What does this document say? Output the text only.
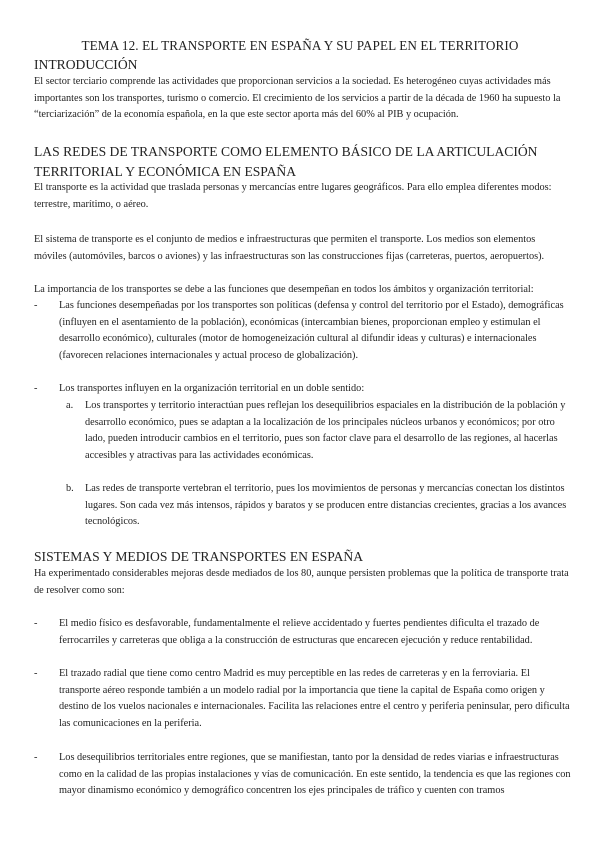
TEMA 12. EL TRANSPORTE EN ESPAÑA Y SU PAPEL EN EL TERRITORIO
INTRODUCCIÓN

El sector terciario comprende las actividades que proporcionan servicios a la sociedad. Es heterogéneo cuyas actividades más importantes son los transportes, turismo o comercio. El crecimiento de los servicios a partir de la década de 1960 ha supuesto la “terciarización” de la economía española, en la que este sector aporta más del 60% al PIB y ocupación.

LAS REDES DE TRANSPORTE COMO ELEMENTO BÁSICO DE LA ARTICULACIÓN
TERRITORIAL Y ECONÓMICA EN ESPAÑA

El transporte es la actividad que traslada personas y mercancías entre lugares geográficos. Para ello emplea diferentes modos: terrestre, marítimo, o aéreo.

El sistema de transporte es el conjunto de medios e infraestructuras que permiten el transporte. Los medios son elementos móviles (automóviles, barcos o aviones) y las infraestructuras son las construcciones fijas (carreteras, puertos, aeropuertos).

La importancia de los transportes se debe a las funciones que desempeñan en todos los ámbitos y organización territorial:

-	Las funciones desempeñadas por los transportes son políticas (defensa y control del territorio por el Estado), demográficas (influyen en el asentamiento de la población), económicas (intercambian bienes, proporcionan empleo y estimulan el desarrollo económico), culturales (motor de homogeneización cultural al difundir ideas y culturas) e internacionales (favorecen relaciones internacionales y actual proceso de globalización).
-	Los transportes influyen en la organización territorial en un doble sentido:
a. Los transportes y territorio interactúan pues reflejan los desequilibrios espaciales en la distribución de la población y desarrollo económico, pues se adaptan a la localización de los principales núcleos urbanos y económicos; por otro lado, pueden introducir cambios en el territorio, pues son factor clave para el desarrollo de las regiones, al hacerlas accesibles y atractivas para las actividades económicas.
b. Las redes de transporte vertebran el territorio, pues los movimientos de personas y mercancías conectan los distintos lugares. Son cada vez más intensos, rápidos y baratos y se producen entre distancias crecientes, gracias a los avances tecnológicos.
SISTEMAS Y MEDIOS DE TRANSPORTES EN ESPAÑA

Ha experimentado considerables mejoras desde mediados de los 80, aunque persisten problemas que la política de transporte trata de resolver como son:

-	El medio físico es desfavorable, fundamentalmente el relieve accidentado y fuertes pendientes dificulta el trazado de ferrocarriles y carreteras que obliga a la construcción de estructuras que encarecen ejecución y reduce rentabilidad.
-	El trazado radial que tiene como centro Madrid es muy perceptible en las redes de carreteras y en la ferroviaria. El transporte aéreo responde también a un modelo radial por la importancia que tiene la capital de España como origen y destino de los vuelos nacionales e internacionales. Facilita las relaciones entre el centro y periferia peninsular, pero dificulta las comunicaciones en la periferia.
-	Los desequilibrios territoriales entre regiones, que se manifiestan, tanto por la densidad de redes viarias e infraestructuras como en la calidad de las propias instalaciones y vías de comunicación. En este sentido, la tendencia es que las regiones con mayor dinamismo económico y demográfico concentren los ejes principales de tráfico y cuenten con tramos
